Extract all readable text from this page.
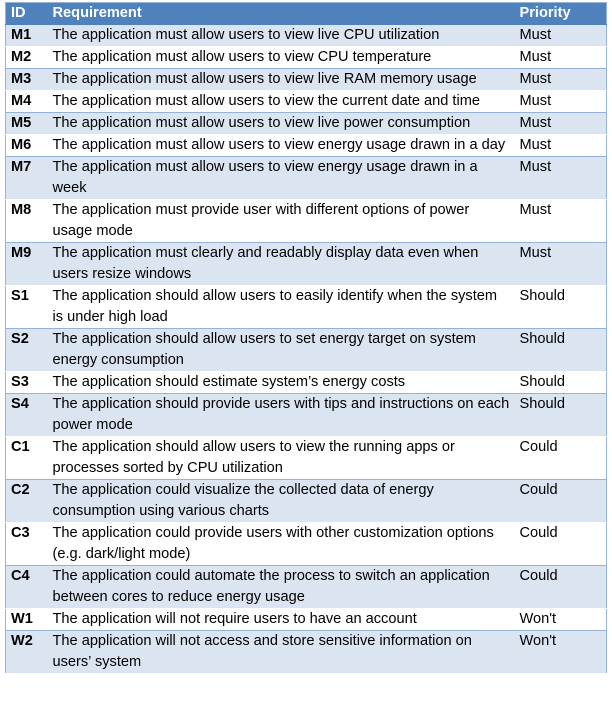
ID	Requirement	Priority
M1	The application must allow users to view live CPU utilization	Must
M2	The application must allow users to view CPU temperature	Must
M3	The application must allow users to view live RAM memory usage	Must
M4	The application must allow users to view the current date and time	Must
M5	The application must allow users to view live power consumption	Must
M6	The application must allow users to view energy usage drawn in a day	Must
M7	The application must allow users to view energy usage drawn in a week	Must
M8	The application must provide user with different options of power usage mode	Must
M9	The application must clearly and readably display data even when users resize windows	Must
S1	The application should allow users to easily identify when the system is under high load	Should
S2	The application should allow users to set energy target on system energy consumption	Should
S3	The application should estimate system’s energy costs	Should
S4	The application should provide users with tips and instructions on each power mode	Should
C1	The application should allow users to view the running apps or processes sorted by CPU utilization	Could
C2	The application could visualize the collected data of energy consumption using various charts	Could
C3	The application could provide users with other customization options (e.g. dark/light mode)	Could
C4	The application could automate the process to switch an application between cores to reduce energy usage	Could
W1	The application will not require users to have an account	Won't
W2	The application will not access and store sensitive information on users’ system	Won't
